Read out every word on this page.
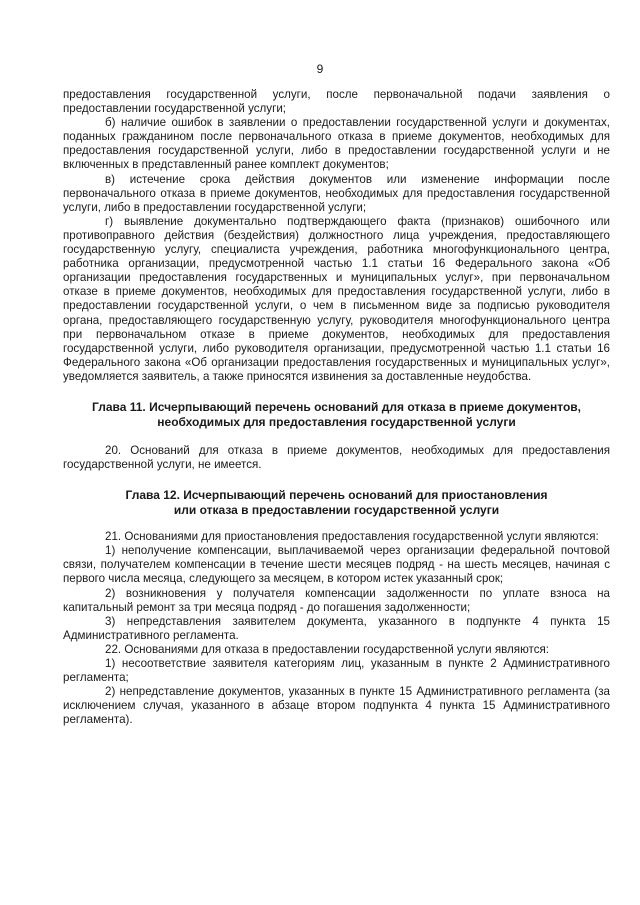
9

предоставления государственной услуги, после первоначальной подачи заявления о предоставлении государственной услуги;

б) наличие ошибок в заявлении о предоставлении государственной услуги и документах, поданных гражданином после первоначального отказа в приеме документов, необходимых для предоставления государственной услуги, либо в предоставлении государственной услуги и не включенных в представленный ранее комплект документов;

в) истечение срока действия документов или изменение информации после первоначального отказа в приеме документов, необходимых для предоставления государственной услуги, либо в предоставлении государственной услуги;

г) выявление документально подтверждающего факта (признаков) ошибочного или противоправного действия (бездействия) должностного лица учреждения, предоставляющего государственную услугу, специалиста учреждения, работника многофункционального центра, работника организации, предусмотренной частью 1.1 статьи 16 Федерального закона «Об организации предоставления государственных и муниципальных услуг», при первоначальном отказе в приеме документов, необходимых для предоставления государственной услуги, либо в предоставлении государственной услуги, о чем в письменном виде за подписью руководителя органа, предоставляющего государственную услугу, руководителя многофункционального центра при первоначальном отказе в приеме документов, необходимых для предоставления государственной услуги, либо руководителя организации, предусмотренной частью 1.1 статьи 16 Федерального закона «Об организации предоставления государственных и муниципальных услуг», уведомляется заявитель, а также приносятся извинения за доставленные неудобства.

Глава 11. Исчерпывающий перечень оснований для отказа в приеме документов,
необходимых для предоставления государственной услуги

20. Оснований для отказа в приеме документов, необходимых для предоставления государственной услуги, не имеется.

Глава 12. Исчерпывающий перечень оснований для приостановления
или отказа в предоставлении государственной услуги

21. Основаниями для приостановления предоставления государственной услуги являются:

1) неполучение компенсации, выплачиваемой через организации федеральной почтовой связи, получателем компенсации в течение шести месяцев подряд - на шесть месяцев, начиная с первого числа месяца, следующего за месяцем, в котором истек указанный срок;

2) возникновения у получателя компенсации задолженности по уплате взноса на капитальный ремонт за три месяца подряд - до погашения задолженности;

3) непредставления заявителем документа, указанного в подпункте 4 пункта 15 Административного регламента.

22. Основаниями для отказа в предоставлении государственной услуги являются:

1) несоответствие заявителя категориям лиц, указанным в пункте 2 Административного регламента;

2) непредставление документов, указанных в пункте 15 Административного регламента (за исключением случая, указанного в абзаце втором подпункта 4 пункта 15 Административного регламента).
